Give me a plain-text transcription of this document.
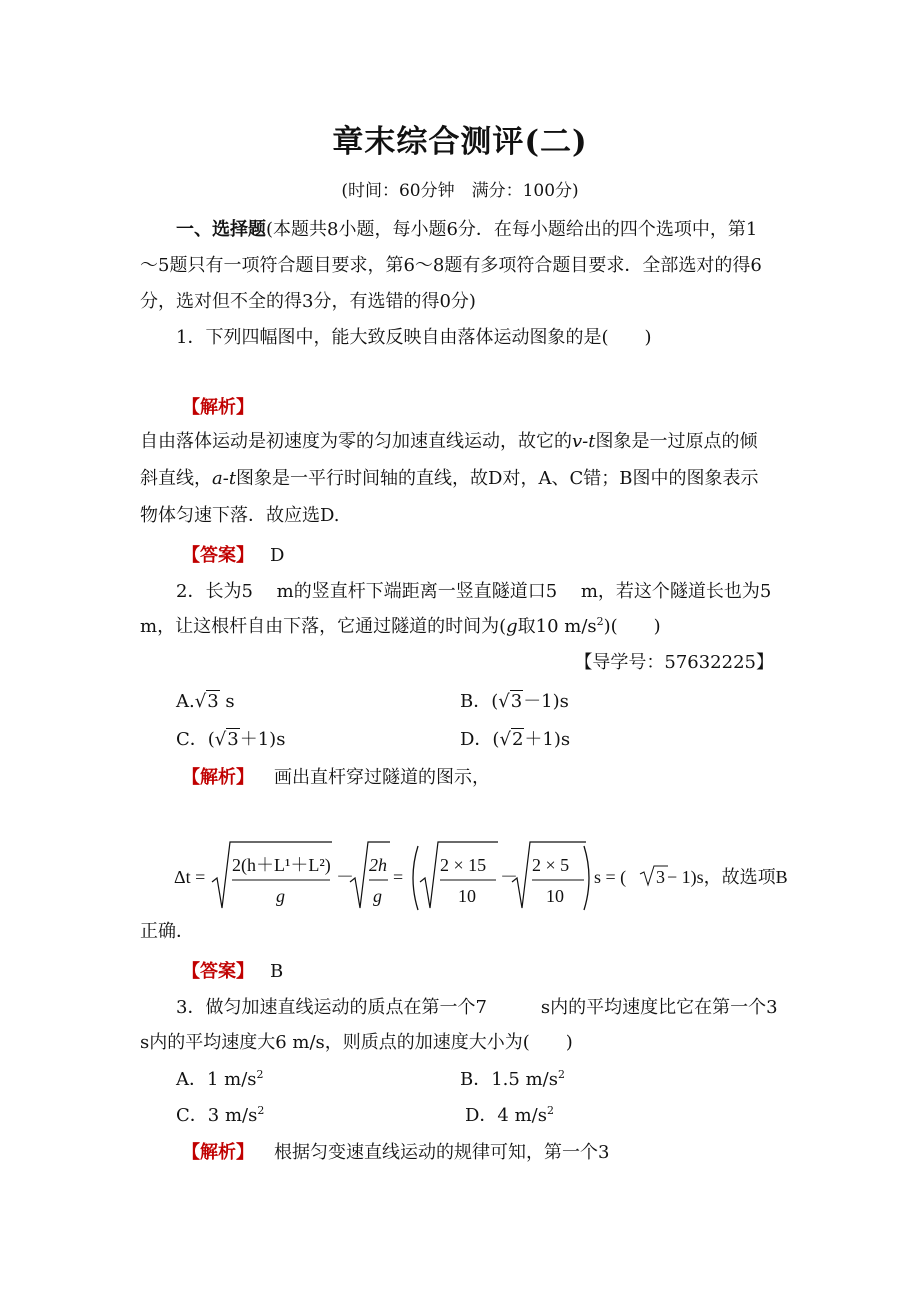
章末综合测评(二)
(时间：60分钟　满分：100分)
一、选择题(本题共8小题，每小题6分．在每小题给出的四个选项中，第1
～5题只有一项符合题目要求，第6～8题有多项符合题目要求．全部选对的得6
分，选对但不全的得3分，有选错的得0分)
1．下列四幅图中，能大致反映自由落体运动图象的是(　　)
【解析】
自由落体运动是初速度为零的匀加速直线运动，故它的v-t图象是一过原点的倾
斜直线，a-t图象是一平行时间轴的直线，故D对，A、C错；B图中的图象表示
物体匀速下落．故应选D.
【答案】 D
2．长为5　 m的竖直杆下端距离一竖直隧道口5　 m，若这个隧道长也为5
m，让这根杆自由下落，它通过隧道的时间为(g取10 $m/s^2$)(　　)
【导学号：57632225】
A.√3 s	B．(√3－1)s
C．(√3＋1)s	D．(√2＋1)s
【解析】 画出直杆穿过隧道的图示，
Δt =
2(h＋L¹＋L²)
g
－
2h
g
=
2 × 15
10
－
2 × 5
10
s = ( 3 − 1)s，故选项B
正确．
【答案】 B
3．做匀加速直线运动的质点在第一个7　　　s内的平均速度比它在第一个3
s内的平均速度大6 m/s，则质点的加速度大小为(　　)
A．1 $m/s^2$	B．1.5 $m/s^2$
C．3 $m/s^2$	D．4 $m/s^2$
【解析】 根据匀变速直线运动的规律可知，第一个3
